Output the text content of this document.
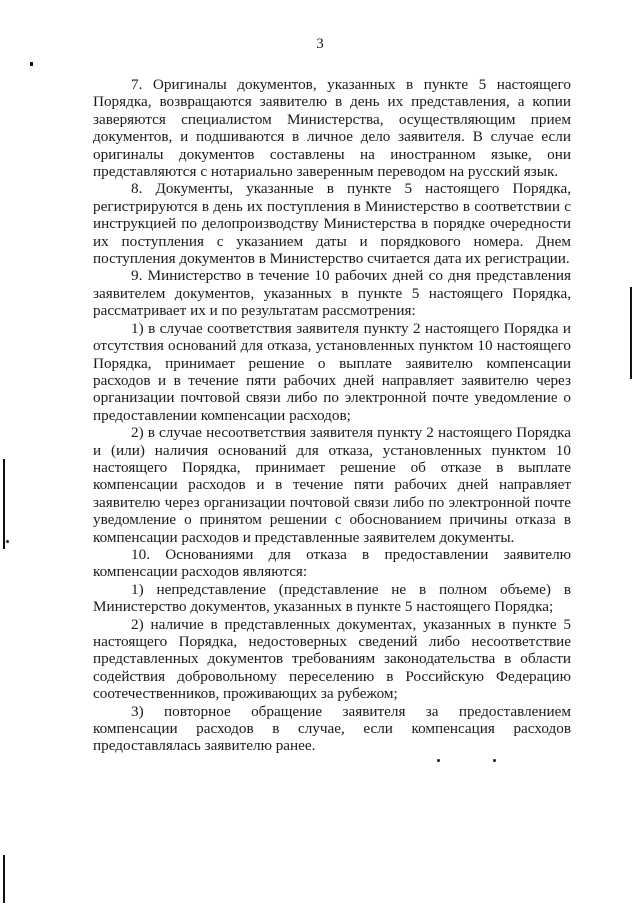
3

7. Оригиналы документов, указанных в пункте 5 настоящего Порядка, возвращаются заявителю в день их представления, а копии заверяются специалистом Министерства, осуществляющим прием документов, и подшиваются в личное дело заявителя. В случае если оригиналы документов составлены на иностранном языке, они представляются с нотариально заверенным переводом на русский язык.

8. Документы, указанные в пункте 5 настоящего Порядка, регистрируются в день их поступления в Министерство в соответствии с инструкцией по делопроизводству Министерства в порядке очередности их поступления с указанием даты и порядкового номера. Днем поступления документов в Министерство считается дата их регистрации.

9. Министерство в течение 10 рабочих дней со дня представления заявителем документов, указанных в пункте 5 настоящего Порядка, рассматривает их и по результатам рассмотрения:

1) в случае соответствия заявителя пункту 2 настоящего Порядка и отсутствия оснований для отказа, установленных пунктом 10 настоящего Порядка, принимает решение о выплате заявителю компенсации расходов и в течение пяти рабочих дней направляет заявителю через организации почтовой связи либо по электронной почте уведомление о предоставлении компенсации расходов;

2) в случае несоответствия заявителя пункту 2 настоящего Порядка и (или) наличия оснований для отказа, установленных пунктом 10 настоящего Порядка, принимает решение об отказе в выплате компенсации расходов и в течение пяти рабочих дней направляет заявителю через организации почтовой связи либо по электронной почте уведомление о принятом решении с обоснованием причины отказа в компенсации расходов и представленные заявителем документы.

10. Основаниями для отказа в предоставлении заявителю компенсации расходов являются:

1) непредставление (представление не в полном объеме) в Министерство документов, указанных в пункте 5 настоящего Порядка;

2) наличие в представленных документах, указанных в пункте 5 настоящего Порядка, недостоверных сведений либо несоответствие представленных документов требованиям законодательства в области содействия добровольному переселению в Российскую Федерацию соотечественников, проживающих за рубежом;

3) повторное обращение заявителя за предоставлением компенсации расходов в случае, если компенсация расходов предоставлялась заявителю ранее.
